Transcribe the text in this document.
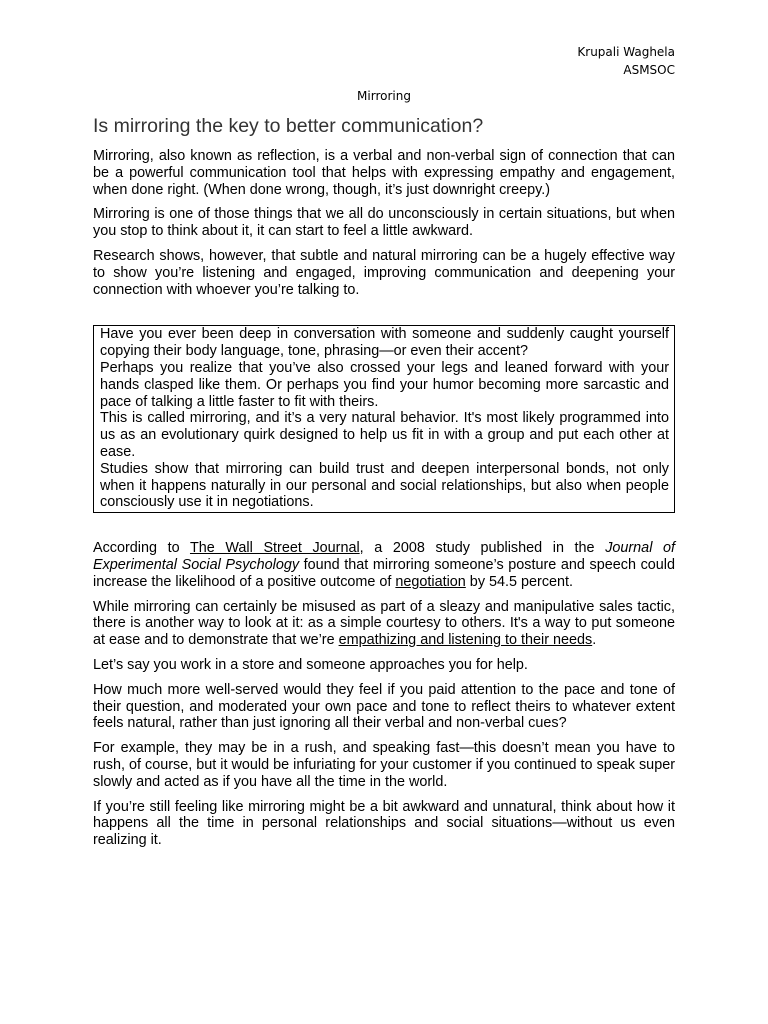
Krupali Waghela
ASMSOC
Mirroring
Is mirroring the key to better communication?

Mirroring, also known as reflection, is a verbal and non-verbal sign of connection that can be a powerful communication tool that helps with expressing empathy and engagement, when done right. (When done wrong, though, it’s just downright creepy.)

Mirroring is one of those things that we all do unconsciously in certain situations, but when you stop to think about it, it can start to feel a little awkward.

Research shows, however, that subtle and natural mirroring can be a hugely effective way to show you’re listening and engaged, improving communication and deepening your connection with whoever you’re talking to.

Have you ever been deep in conversation with someone and suddenly caught yourself copying their body language, tone, phrasing—or even their accent?

Perhaps you realize that you’ve also crossed your legs and leaned forward with your hands clasped like them. Or perhaps you find your humor becoming more sarcastic and pace of talking a little faster to fit with theirs.

This is called mirroring, and it’s a very natural behavior. It's most likely programmed into us as an evolutionary quirk designed to help us fit in with a group and put each other at ease.

Studies show that mirroring can build trust and deepen interpersonal bonds, not only when it happens naturally in our personal and social relationships, but also when people consciously use it in negotiations.

According to The Wall Street Journal, a 2008 study published in the Journal of Experimental Social Psychology found that mirroring someone’s posture and speech could increase the likelihood of a positive outcome of negotiation by 54.5 percent.

While mirroring can certainly be misused as part of a sleazy and manipulative sales tactic, there is another way to look at it: as a simple courtesy to others. It's a way to put someone at ease and to demonstrate that we’re empathizing and listening to their needs.

Let’s say you work in a store and someone approaches you for help.

How much more well-served would they feel if you paid attention to the pace and tone of their question, and moderated your own pace and tone to reflect theirs to whatever extent feels natural, rather than just ignoring all their verbal and non-verbal cues?

For example, they may be in a rush, and speaking fast—this doesn’t mean you have to rush, of course, but it would be infuriating for your customer if you continued to speak super slowly and acted as if you have all the time in the world.

If you’re still feeling like mirroring might be a bit awkward and unnatural, think about how it happens all the time in personal relationships and social situations—without us even realizing it.
